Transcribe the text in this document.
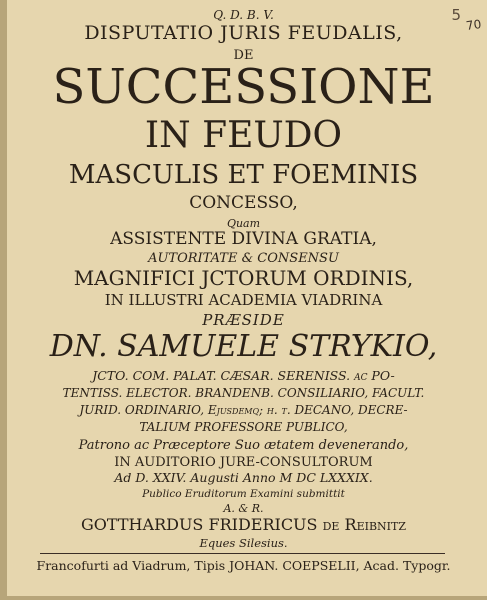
5
70
Q. D. B. V.
DISPUTATIO JURIS FEUDALIS,
DE
SUCCESSIONE
IN FEUDO
MASCULIS ET FOEMINIS
CONCESSO,
Quam
ASSISTENTE DIVINA GRATIA,
AUTORITATE & CONSENSU
MAGNIFICI JCTORUM ORDINIS,
IN ILLUSTRI ACADEMIA VIADRINA
PRÆSIDE
DN. SAMUELE STRYKIO,
JCTO. COM. PALAT. CÆSAR. SERENISS. ac PO-
TENTISS. ELECTOR. BRANDENB. CONSILIARIO, FACULT.
JURID. ORDINARIO, Ejusdemq; h. t. DECANO, DECRE-
TALIUM PROFESSORE PUBLICO,
Patrono ac Præceptore Suo ætatem devenerando,
IN AUDITORIO JURE-CONSULTORUM
Ad D. XXIV. Augusti Anno M DC LXXXIX.
Publico Eruditorum Examini submittit
A. & R.
GOTTHARDUS FRIDERICUS de Reibnitz
Eques Silesius.
Francofurti ad Viadrum, Tipis JOHAN. COEPSELII, Acad. Typogr.
